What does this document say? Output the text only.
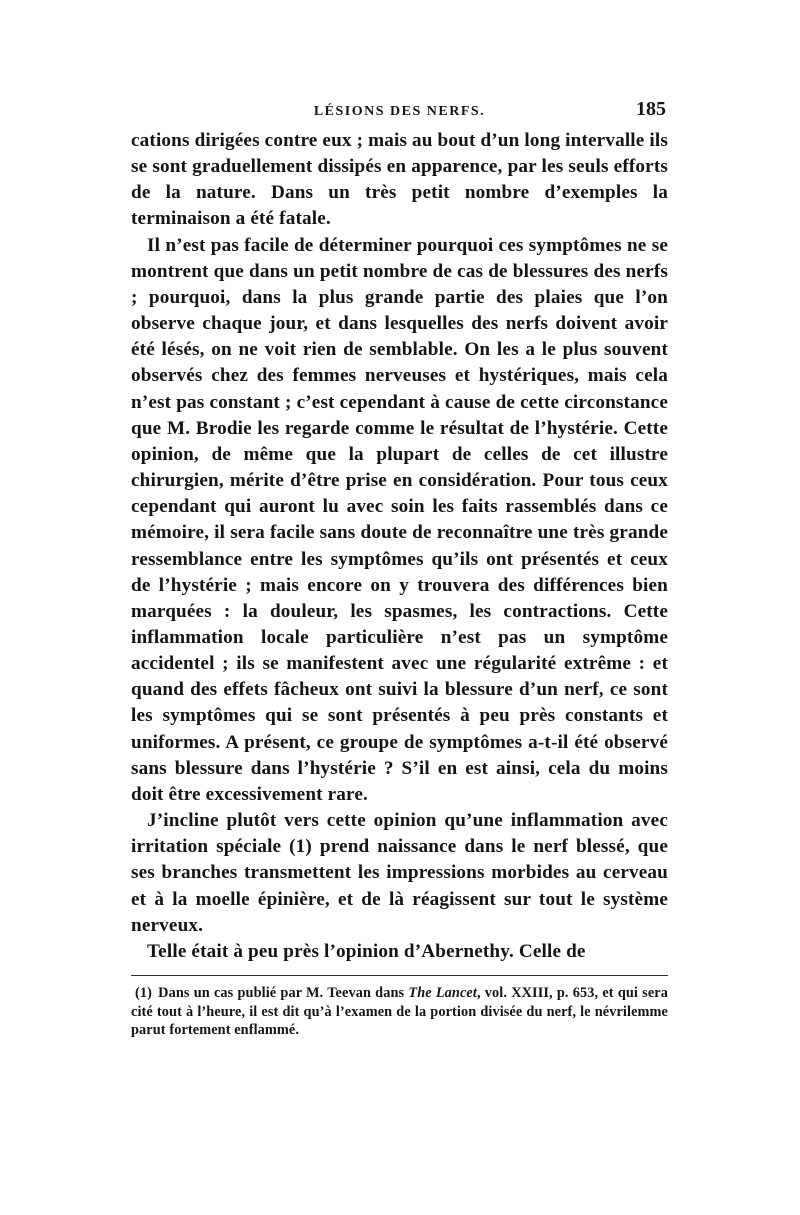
LÉSIONS DES NERFS.	185

cations dirigées contre eux ; mais au bout d’un long intervalle ils se sont graduellement dissipés en apparence, par les seuls efforts de la nature. Dans un très petit nombre d’exemples la terminaison a été fatale.

Il n’est pas facile de déterminer pourquoi ces symptômes ne se montrent que dans un petit nombre de cas de blessures des nerfs ; pourquoi, dans la plus grande partie des plaies que l’on observe chaque jour, et dans lesquelles des nerfs doivent avoir été lésés, on ne voit rien de semblable. On les a le plus souvent observés chez des femmes nerveuses et hystériques, mais cela n’est pas constant ; c’est cependant à cause de cette circonstance que M. Brodie les regarde comme le résultat de l’hystérie. Cette opinion, de même que la plupart de celles de cet illustre chirurgien, mérite d’être prise en considération. Pour tous ceux cependant qui auront lu avec soin les faits rassemblés dans ce mémoire, il sera facile sans doute de reconnaître une très grande ressemblance entre les symptômes qu’ils ont présentés et ceux de l’hystérie ; mais encore on y trouvera des différences bien marquées : la douleur, les spasmes, les contractions. Cette inflammation locale particulière n’est pas un symptôme accidentel ; ils se manifestent avec une régularité extrême : et quand des effets fâcheux ont suivi la blessure d’un nerf, ce sont les symptômes qui se sont présentés à peu près constants et uniformes. A présent, ce groupe de symptômes a-t-il été observé sans blessure dans l’hystérie ? S’il en est ainsi, cela du moins doit être excessivement rare.

J’incline plutôt vers cette opinion qu’une inflammation avec irritation spéciale (1) prend naissance dans le nerf blessé, que ses branches transmettent les impressions morbides au cerveau et à la moelle épinière, et de là réagissent sur tout le système nerveux.

Telle était à peu près l’opinion d’Abernethy. Celle de

(1) Dans un cas publié par M. Teevan dans The Lancet, vol. XXIII, p. 653, et qui sera cité tout à l’heure, il est dit qu’à l’examen de la portion divisée du nerf, le névrilemme parut fortement enflammé.
